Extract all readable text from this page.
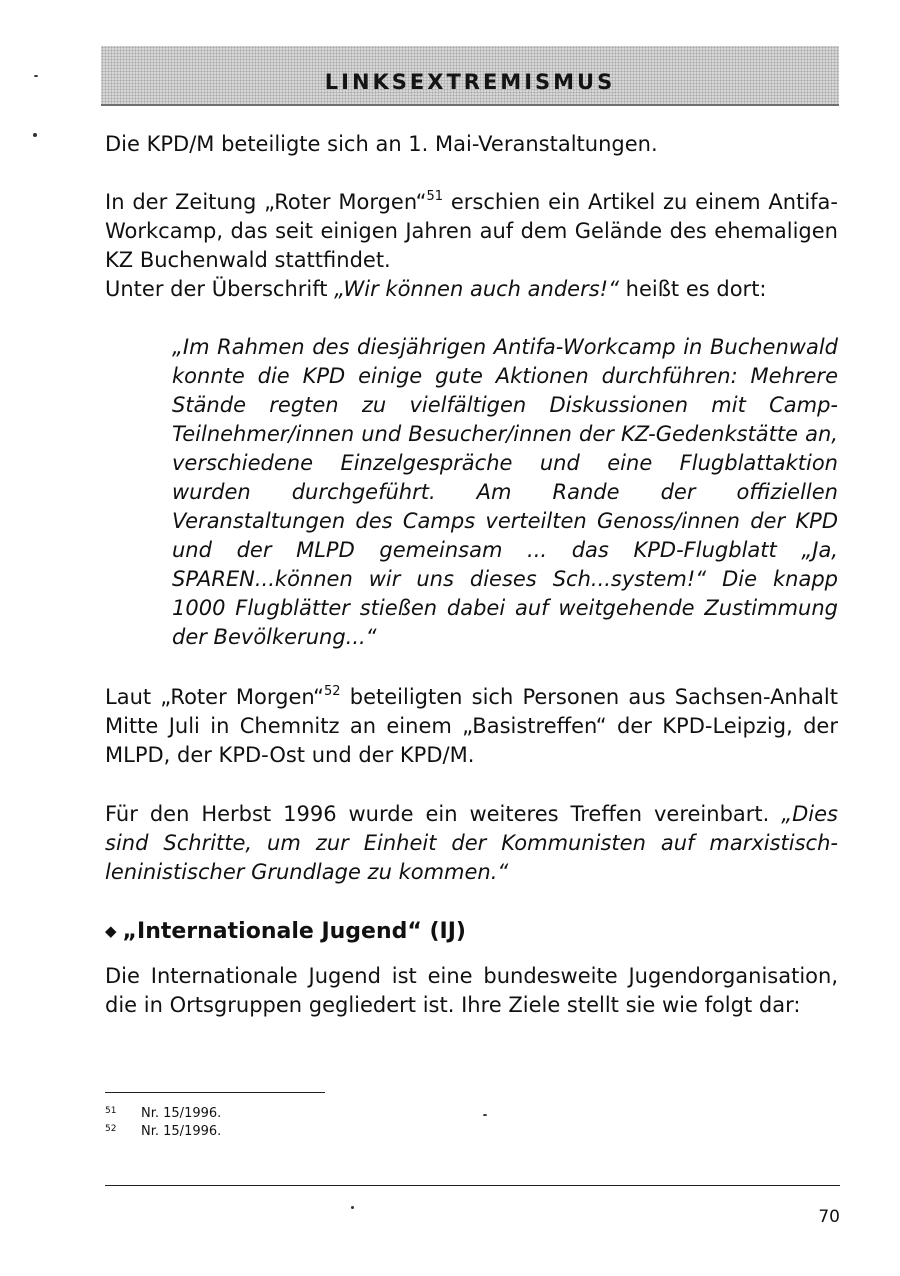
LINKSEXTREMISMUS

Die KPD/M beteiligte sich an 1. Mai-Veranstaltungen.

In der Zeitung „Roter Morgen“$^{51}$ erschien ein Artikel zu einem Antifa-Workcamp, das seit einigen Jahren auf dem Gelände des ehemaligen KZ Buchenwald stattfindet.

Unter der Überschrift „Wir können auch anders!“ heißt es dort:

„Im Rahmen des diesjährigen Antifa-Workcamp in Buchenwald konnte die KPD einige gute Aktionen durchführen: Mehrere Stände regten zu vielfältigen Diskussionen mit Camp-Teilnehmer/innen und Besucher/innen der KZ-Gedenkstätte an, verschiedene Einzelgespräche und eine Flugblattaktion wurden durchgeführt. Am Rande der offiziellen Veranstaltungen des Camps verteilten Genoss/innen der KPD und der MLPD gemeinsam ... das KPD-Flugblatt „Ja, SPAREN...können wir uns dieses Sch...system!“ Die knapp 1000 Flugblätter stießen dabei auf weitgehende Zustimmung der Bevölkerung...“

Laut „Roter Morgen“$^{52}$ beteiligten sich Personen aus Sachsen-Anhalt Mitte Juli in Chemnitz an einem „Basistreffen“ der KPD-Leipzig, der MLPD, der KPD-Ost und der KPD/M.

Für den Herbst 1996 wurde ein weiteres Treffen vereinbart. „Dies sind Schritte, um zur Einheit der Kommunisten auf marxistisch-leninistischer Grundlage zu kommen.“

◆ „Internationale Jugend“ (IJ)

Die Internationale Jugend ist eine bundesweite Jugendorganisation, die in Ortsgruppen gegliedert ist. Ihre Ziele stellt sie wie folgt dar:

51 Nr. 15/1996.
52 Nr. 15/1996.
70
